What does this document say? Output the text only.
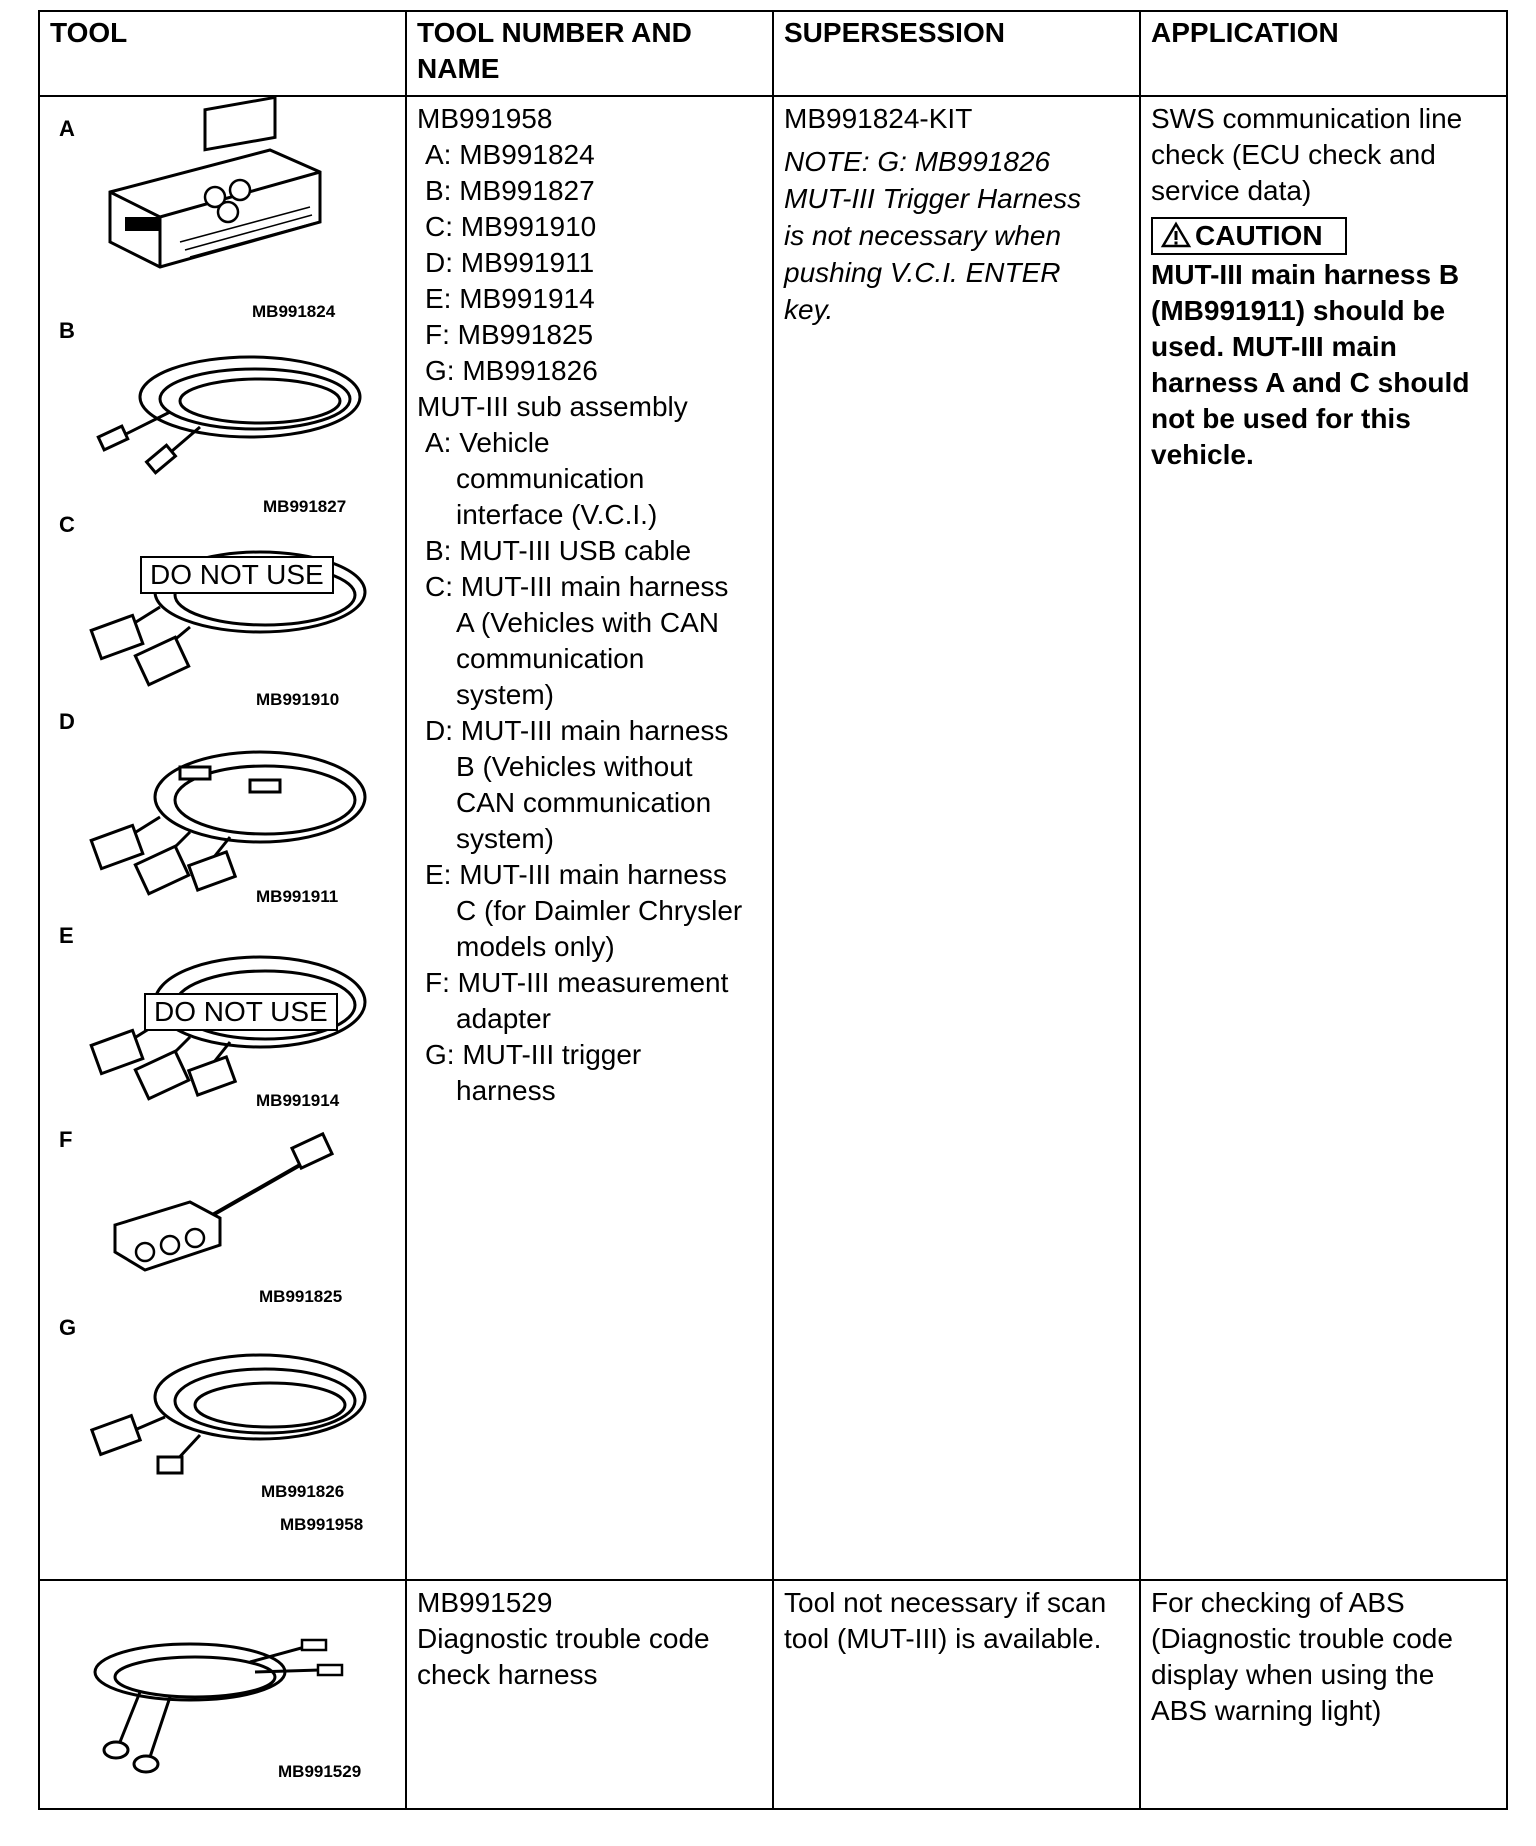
TOOL	TOOL NUMBER AND NAME
SUPERSESSION	APPLICATION
A
MB991824
B
MB991827
C
DO NOT USE
MB991910
D
MB991911
E
DO NOT USE
MB991914
F
MB991825
G
MB991826
MB991958
MB991958
A: MB991824
B: MB991827
C: MB991910
D: MB991911
E: MB991914
F: MB991825
G: MB991826
MUT-III sub assembly
A: Vehicle
communication
interface (V.C.I.)
B: MUT-III USB cable
C: MUT-III main harness
A (Vehicles with CAN
communication
system)
D: MUT-III main harness
B (Vehicles without
CAN communication
system)
E: MUT-III main harness
C (for Daimler Chrysler
models only)
F: MUT-III measurement
adapter
G: MUT-III trigger
harness
MB991824-KIT
NOTE: G: MB991826
MUT-III Trigger Harness
is not necessary when
pushing V.C.I. ENTER
key.
SWS communication line
check (ECU check and
service data)
CAUTION
MUT-III main harness B
(MB991911) should be
used. MUT-III main
harness A and C should
not be used for this
vehicle.
MB991529
MB991529
Diagnostic trouble code
check harness
Tool not necessary if scan
tool (MUT-III) is available.
For checking of ABS
(Diagnostic trouble code
display when using the
ABS warning light)
